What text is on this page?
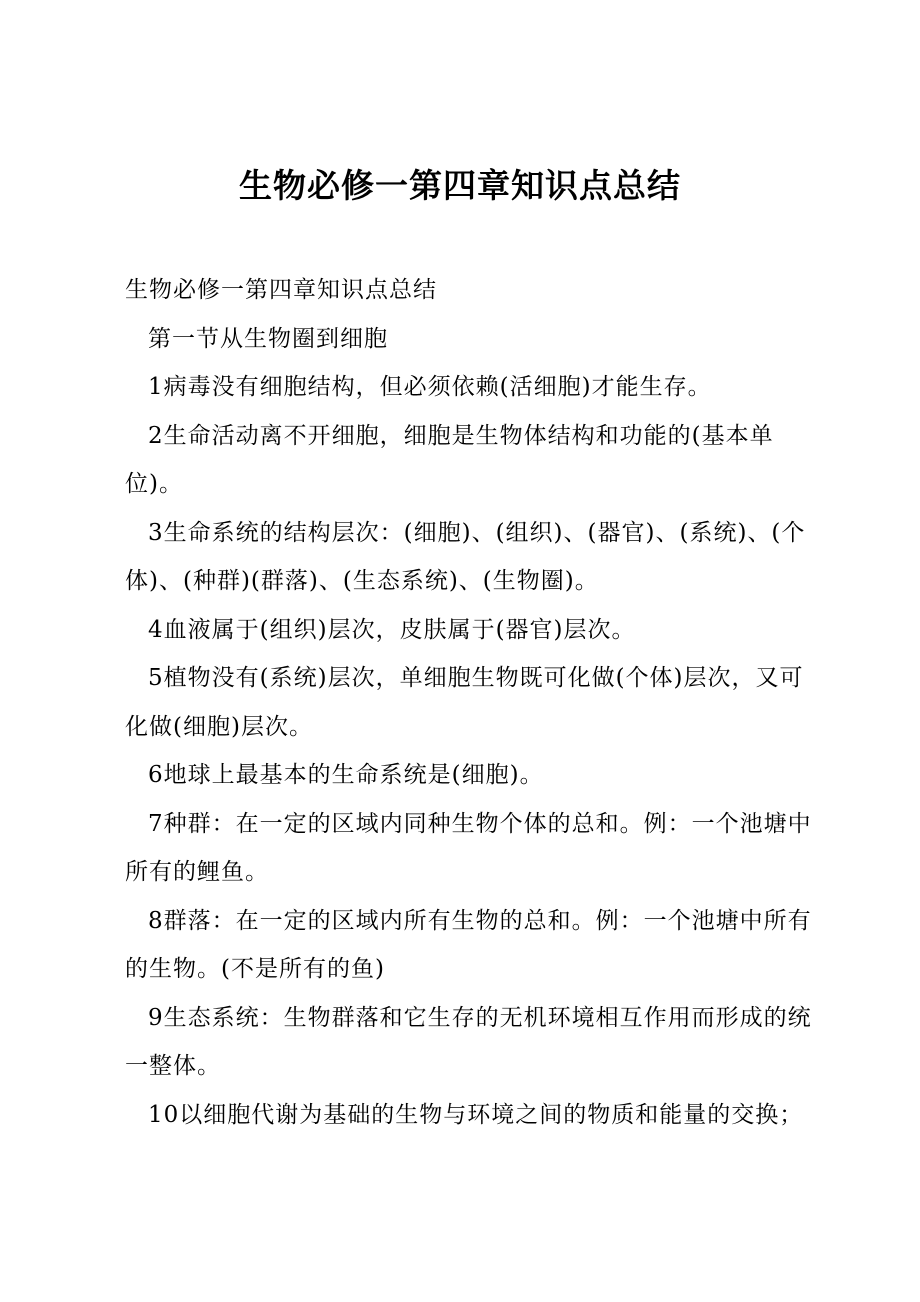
生物必修一第四章知识点总结

生物必修一第四章知识点总结

第一节从生物圈到细胞

1病毒没有细胞结构，但必须依赖(活细胞)才能生存。

2生命活动离不开细胞，细胞是生物体结构和功能的(基本单位)。

3生命系统的结构层次：(细胞)、(组织)、(器官)、(系统)、(个体)、(种群)(群落)、(生态系统)、(生物圈)。

4血液属于(组织)层次，皮肤属于(器官)层次。

5植物没有(系统)层次，单细胞生物既可化做(个体)层次，又可化做(细胞)层次。

6地球上最基本的生命系统是(细胞)。

7种群：在一定的区域内同种生物个体的总和。例：一个池塘中所有的鲤鱼。

8群落：在一定的区域内所有生物的总和。例：一个池塘中所有的生物。(不是所有的鱼)

9生态系统：生物群落和它生存的无机环境相互作用而形成的统一整体。

10以细胞代谢为基础的生物与环境之间的物质和能量的交换；
